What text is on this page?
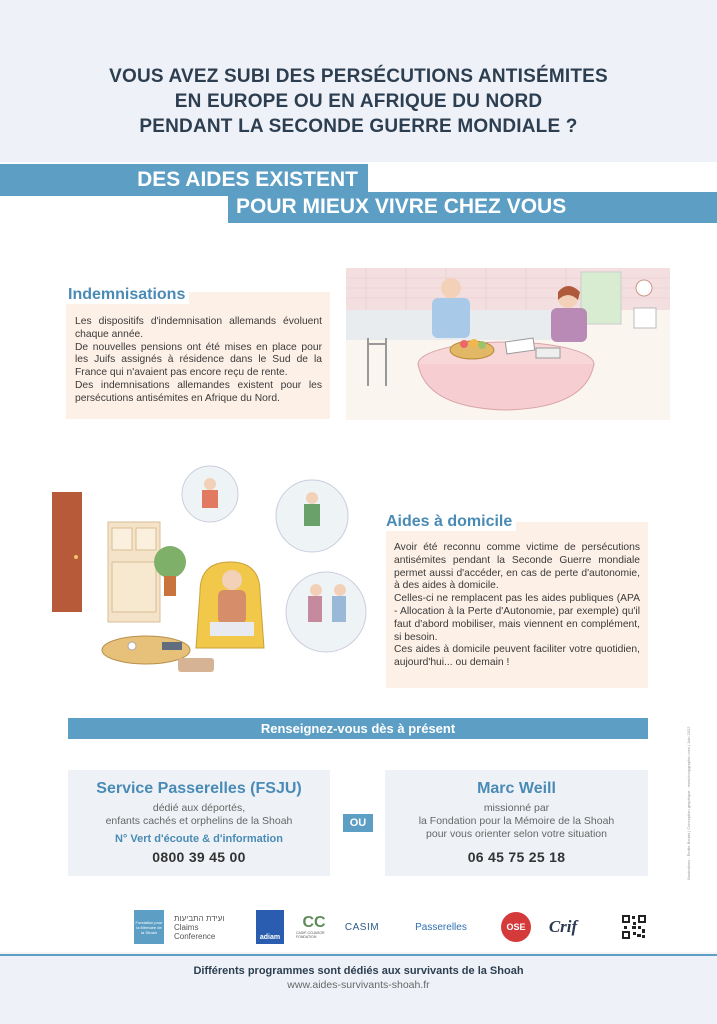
VOUS AVEZ SUBI DES PERSÉCUTIONS ANTISÉMITES
EN EUROPE OU EN AFRIQUE DU NORD
PENDANT LA SECONDE GUERRE MONDIALE ?
DES AIDES EXISTENT
POUR MIEUX VIVRE CHEZ VOUS

Les dispositifs d'indemnisation allemands évoluent chaque année.

De nouvelles pensions ont été mises en place pour les Juifs assignés à résidence dans le Sud de la France qui n'avaient pas encore reçu de rente.

Des indemnisations allemandes existent pour les persécutions antisémites en Afrique du Nord.

Indemnisations

Avoir été reconnu comme victime de persécutions antisémites pendant la Seconde Guerre mondiale permet aussi d'accéder, en cas de perte d'autonomie, à des aides à domicile.

Celles-ci ne remplacent pas les aides publiques (APA - Allocation à la Perte d'Autonomie, par exemple) qu'il faut d'abord mobiliser, mais viennent en complément, si besoin.

Ces aides à domicile peuvent faciliter votre quotidien, aujourd'hui... ou demain !

Aides à domicile
Renseignez-vous dès à présent
Service Passerelles (FSJU)
dédié aux déportés,
enfants cachés et orphelins de la Shoah
N° Vert d'écoute & d'information
0800 39 45 00
OU
Marc Weill
missionné par
la Fondation pour la Mémoire de la Shoah
pour vous orienter selon votre situation
06 45 75 25 18	Illustrations : Émilie Boutet | Conception graphique : www.koopgraphic.com | Juin 2022
Fondation pour la Mémoire de la Shoah
ועידת התביעות
Claims Conference	adiam
CC
CASIP-COJASOR FONDATION
CASIM	Passerelles	OSE Crif
Différents programmes sont dédiés aux survivants de la Shoah
www.aides-survivants-shoah.fr
